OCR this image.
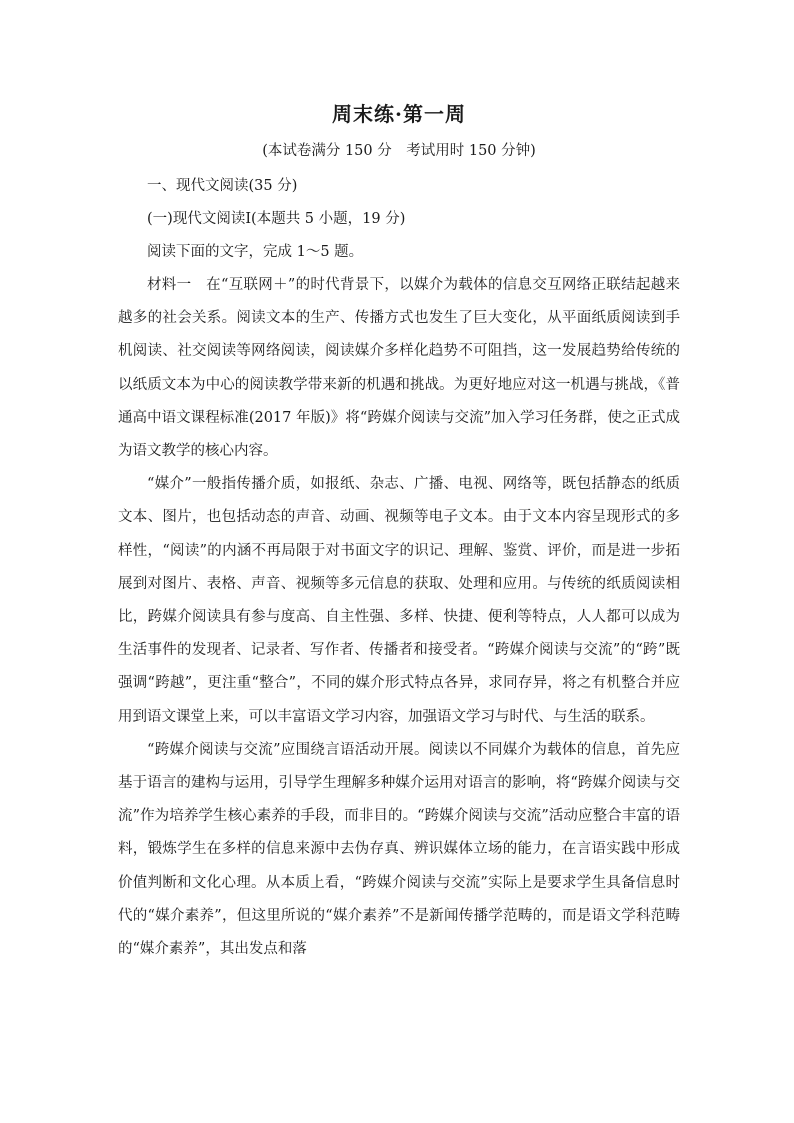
周末练·第一周

(本试卷满分 150 分　考试用时 150 分钟)

一、现代文阅读(35 分)

(一)现代文阅读Ⅰ(本题共 5 小题，19 分)

阅读下面的文字，完成 1～5 题。

材料一　在“互联网＋”的时代背景下，以媒介为载体的信息交互网络正联结起越来越多的社会关系。阅读文本的生产、传播方式也发生了巨大变化，从平面纸质阅读到手机阅读、社交阅读等网络阅读，阅读媒介多样化趋势不可阻挡，这一发展趋势给传统的以纸质文本为中心的阅读教学带来新的机遇和挑战。为更好地应对这一机遇与挑战，《普通高中语文课程标准(2017 年版)》将“跨媒介阅读与交流”加入学习任务群，使之正式成为语文教学的核心内容。

“媒介”一般指传播介质，如报纸、杂志、广播、电视、网络等，既包括静态的纸质文本、图片，也包括动态的声音、动画、视频等电子文本。由于文本内容呈现形式的多样性，“阅读”的内涵不再局限于对书面文字的识记、理解、鉴赏、评价，而是进一步拓展到对图片、表格、声音、视频等多元信息的获取、处理和应用。与传统的纸质阅读相比，跨媒介阅读具有参与度高、自主性强、多样、快捷、便利等特点，人人都可以成为生活事件的发现者、记录者、写作者、传播者和接受者。“跨媒介阅读与交流”的“跨”既强调“跨越”，更注重“整合”，不同的媒介形式特点各异，求同存异，将之有机整合并应用到语文课堂上来，可以丰富语文学习内容，加强语文学习与时代、与生活的联系。

“跨媒介阅读与交流”应围绕言语活动开展。阅读以不同媒介为载体的信息，首先应基于语言的建构与运用，引导学生理解多种媒介运用对语言的影响，将“跨媒介阅读与交流”作为培养学生核心素养的手段，而非目的。“跨媒介阅读与交流”活动应整合丰富的语料，锻炼学生在多样的信息来源中去伪存真、辨识媒体立场的能力，在言语实践中形成价值判断和文化心理。从本质上看，“跨媒介阅读与交流”实际上是要求学生具备信息时代的“媒介素养”，但这里所说的“媒介素养”不是新闻传播学范畴的，而是语文学科范畴的“媒介素养”，其出发点和落
